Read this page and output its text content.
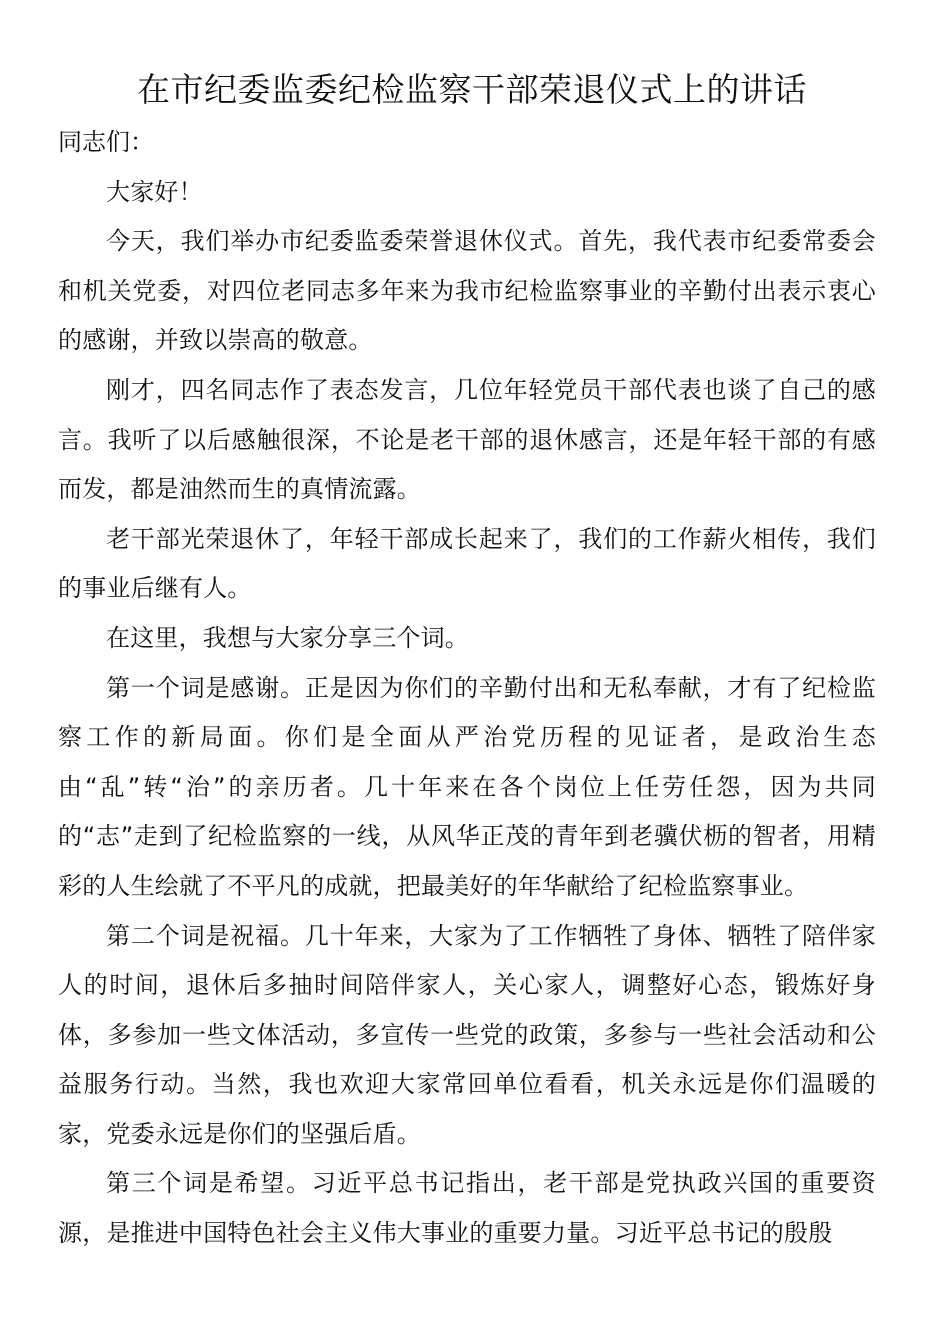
在市纪委监委纪检监察干部荣退仪式上的讲话

同志们：

大家好！

今天，我们举办市纪委监委荣誉退休仪式。首先，我代表市纪委常委会和机关党委，对四位老同志多年来为我市纪检监察事业的辛勤付出表示衷心的感谢，并致以崇高的敬意。

刚才，四名同志作了表态发言，几位年轻党员干部代表也谈了自己的感言。我听了以后感触很深，不论是老干部的退休感言，还是年轻干部的有感而发，都是油然而生的真情流露。

老干部光荣退休了，年轻干部成长起来了，我们的工作薪火相传，我们的事业后继有人。

在这里，我想与大家分享三个词。

第一个词是感谢。正是因为你们的辛勤付出和无私奉献，才有了纪检监察工作的新局面。你们是全面从严治党历程的见证者，是政治生态由“乱”转“治”的亲历者。几十年来在各个岗位上任劳任怨，因为共同的“志”走到了纪检监察的一线，从风华正茂的青年到老骥伏枥的智者，用精彩的人生绘就了不平凡的成就，把最美好的年华献给了纪检监察事业。

第二个词是祝福。几十年来，大家为了工作牺牲了身体、牺牲了陪伴家人的时间，退休后多抽时间陪伴家人，关心家人，调整好心态，锻炼好身体，多参加一些文体活动，多宣传一些党的政策，多参与一些社会活动和公益服务行动。当然，我也欢迎大家常回单位看看，机关永远是你们温暖的家，党委永远是你们的坚强后盾。

第三个词是希望。习近平总书记指出，老干部是党执政兴国的重要资源，是推进中国特色社会主义伟大事业的重要力量。习近平总书记的殷殷
